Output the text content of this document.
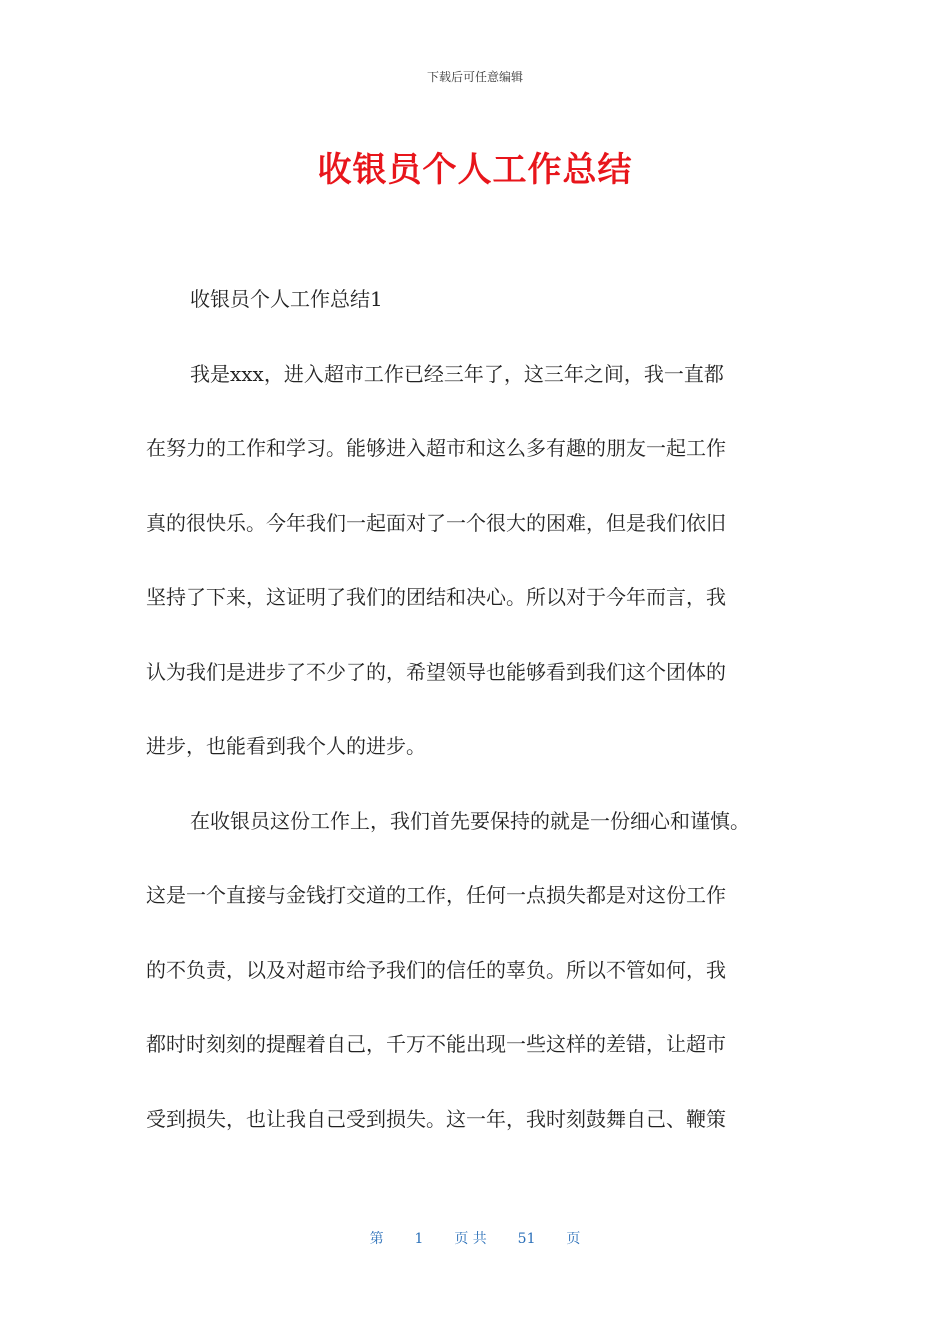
下载后可任意编辑
收银员个人工作总结
收银员个人工作总结1
我是xxx，进入超市工作已经三年了，这三年之间，我一直都
在努力的工作和学习。能够进入超市和这么多有趣的朋友一起工作
真的很快乐。今年我们一起面对了一个很大的困难，但是我们依旧
坚持了下来，这证明了我们的团结和决心。所以对于今年而言，我
认为我们是进步了不少了的，希望领导也能够看到我们这个团体的
进步，也能看到我个人的进步。
在收银员这份工作上，我们首先要保持的就是一份细心和谨慎。
这是一个直接与金钱打交道的工作，任何一点损失都是对这份工作
的不负责，以及对超市给予我们的信任的辜负。所以不管如何，我
都时时刻刻的提醒着自己，千万不能出现一些这样的差错，让超市
受到损失，也让我自己受到损失。这一年，我时刻鼓舞自己、鞭策
第 1 页 共 51 页
